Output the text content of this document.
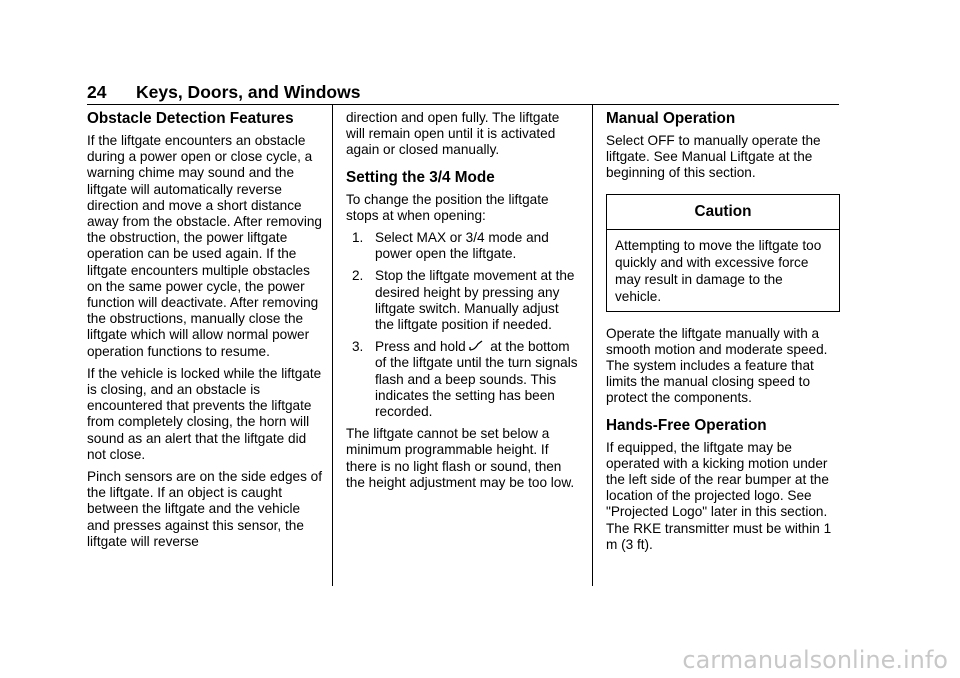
24 Keys, Doors, and Windows
Obstacle Detection Features

If the liftgate encounters an obstacle during a power open or close cycle, a warning chime may sound and the liftgate will automatically reverse direction and move a short distance away from the obstacle. After removing the obstruction, the power liftgate operation can be used again. If the liftgate encounters multiple obstacles on the same power cycle, the power function will deactivate. After removing the obstructions, manually close the liftgate which will allow normal power operation functions to resume.

If the vehicle is locked while the liftgate is closing, and an obstacle is encountered that prevents the liftgate from completely closing, the horn will sound as an alert that the liftgate did not close.

Pinch sensors are on the side edges of the liftgate. If an object is caught between the liftgate and the vehicle and presses against this sensor, the liftgate will reverse

direction and open fully. The liftgate will remain open until it is activated again or closed manually.

Setting the 3/4 Mode

To change the position the liftgate stops at when opening:

1. Select MAX or 3/4 mode and power open the liftgate.
2. Stop the liftgate movement at the desired height by pressing any liftgate switch. Manually adjust the liftgate position if needed.
3. Press and hold at the bottom of the liftgate until the turn signals flash and a beep sounds. This indicates the setting has been recorded.

The liftgate cannot be set below a minimum programmable height. If there is no light flash or sound, then the height adjustment may be too low.

Manual Operation

Select OFF to manually operate the liftgate. See Manual Liftgate at the beginning of this section.

Caution
Attempting to move the liftgate too quickly and with excessive force may result in damage to the vehicle.

Operate the liftgate manually with a smooth motion and moderate speed. The system includes a feature that limits the manual closing speed to protect the components.

Hands-Free Operation

If equipped, the liftgate may be operated with a kicking motion under the left side of the rear bumper at the location of the projected logo. See "Projected Logo" later in this section. The RKE transmitter must be within 1 m (3 ft).

carmanualsonline.info
